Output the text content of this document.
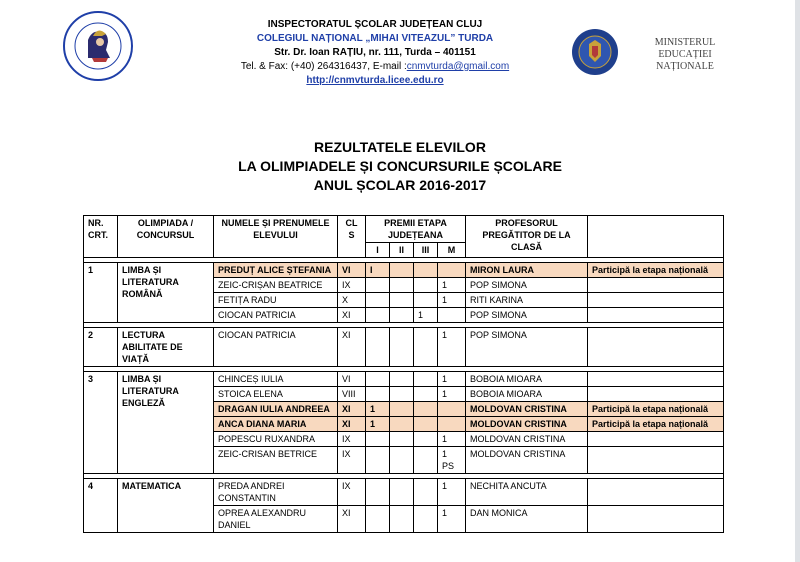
INSPECTORATUL ȘCOLAR JUDEȚEAN CLUJ
COLEGIUL NAȚIONAL „MIHAI VITEAZUL” TURDA
Str. Dr. Ioan RAȚIU, nr. 111, Turda – 401151
Tel. & Fax: (+40) 264316437, E-mail :cnmvturda@gmail.com
http://cnmvturda.licee.edu.ro
MINISTERUL EDUCAȚIEI
NAȚIONALE
REZULTATELE ELEVILOR
LA OLIMPIADELE ȘI CONCURSURILE ȘCOLARE
ANUL ȘCOLAR 2016-2017
NR. CRT.	OLIMPIADA / CONCURSUL	NUMELE ȘI PRENUMELE ELEVULUI	CL S	PREMII ETAPA JUDEȚEANA				PROFESORUL PREGĂTITOR DE LA CLASĂ	
				I	II	III	M		

1	LIMBA ȘI LITERATURA ROMÂNĂ	PREDUȚ ALICE ȘTEFANIA	VI	I				MIRON LAURA	Participă la etapa națională
		ZEIC-CRIȘAN BEATRICE	IX				1	POP SIMONA	
		FETIȚA RADU	X				1	RITI KARINA	
		CIOCAN PATRICIA	XI			1		POP SIMONA	

2	LECTURA ABILITATE DE VIAȚĂ	CIOCAN PATRICIA	XI				1	POP SIMONA	

3	LIMBA ȘI LITERATURA ENGLEZĂ	CHINCEȘ IULIA	VI				1	BOBOIA MIOARA	
		STOICA ELENA	VIII				1	BOBOIA MIOARA	
		DRAGAN IULIA ANDREEA	XI	1				MOLDOVAN CRISTINA	Participă la etapa națională
		ANCA DIANA MARIA	XI	1				MOLDOVAN CRISTINA	Participă la etapa națională
		POPESCU RUXANDRA	IX				1	MOLDOVAN CRISTINA	
		ZEIC-CRISAN BETRICE	IX				1 PS	MOLDOVAN CRISTINA	

4	MATEMATICA	PREDA ANDREI CONSTANTIN	IX				1	NECHITA ANCUTA	
		OPREA ALEXANDRU DANIEL	XI				1	DAN MONICA	
